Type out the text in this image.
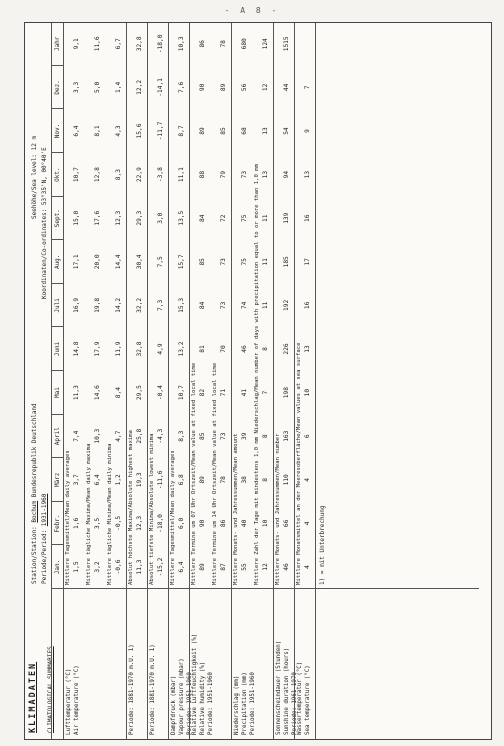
- A 8 -
KLIMADATEN CLIMATOLOGICAL SUMMARIES
Station/Station: Bochum Bundesrepublik Deutschland
Periode/Period: 1931-1960
Seehöhe/Sea level: 12 m
Koordinaten/Co-ordinates: 53°35'N, 00°40'E
Jan.
Febr.
März
April
Mai
Juni
Juli
Aug.
Sept.
Okt.
Nov.
Dez.
Jahr
Mittlere Tagesmittel/Mean daily averages 1,5
1,6
3,7
7,4
11,3
14,8
16,9
17,1
15,0
10,7
6,4
3,3
9,1
Mittlere tägliche Maxima/Mean daily maxima 3,2
3,5
6,4
10,3
14,6
17,9
19,8
20,0
17,6
12,8
8,1
5,0
11,6
Mittlere tägliche Minima/Mean daily minima -0,6
-0,5
1,2
4,7
8,4
11,9
14,2
14,4
12,3
8,3
4,3
1,4
6,7
Lufttemperatur (°C) Air temperature (°C)
Absolut höchste Maxima/Absolute highest maxima 11,3
12,3
19,3
25,8
29,5
32,8
32,2
30,4
29,3
22,9
15,6
12,2
32,8
Periode: 1881-1970 m.U. 1)
Absolut tiefste Minima/Absolute lowest minima -15,2
-18,0
-11,6
-4,3
-0,4
4,9
7,3
7,5
3,0
-3,8
-11,7
-14,1
-18,0
Periode: 1881-1970 m.U. 1)
Mittlere Tagesmittel/Mean daily averages 6,4
6,0
6,8
8,3
10,7
13,2
15,3
15,7
13,5
11,1
8,7
7,6
10,3
Dampfdruck (mbar) Vapour pressure (mbar) Periode: 1951-1960
Mittlere Termine um 07 Uhr Ortszeit/Mean value at fixed local time 89
90
89
85
82
81
84
85
84
88
89
90
86
Mittlere Termine um 14 Uhr Ortszeit/Mean value at fixed local time 87
86
78
73
71
70
73
73
72
79
85
89
78
Relative Luftfeuchtigkeit (%) Relative humidity (%) Periode: 1951-1960
Mittlere Monats- und Jahressummen/Mean amount 55
40
38
39
41
46
74
75
75
73
68
56
680
Mittlere Zahl der Tage mit mindestens 1,0 mm Niederschlag/Mean number of days with precipitation equal to or more than 1,0 mm 12
10
8
8
7
8
11
11
11
13
13
12
124
Niederschlag (mm) Precipitation (mm) Periode: 1951-1960
Mittlere Monats- und Jahressummen/Mean number 46
66
110
163
198
226
192
185
139
94
54
44
1515
Sonnenscheindauer (Stunden) Sunshine duration (hours) Periode: 1961-1970
Mittlere Monatsmittel an der Meeresoberfläche/Mean values at sea surface 4
4
4
6
10
13
16
17
16
13
9
7
Wassertemperatur (°C) Sea temperature (°C)
1) = mit Unterbrechung
